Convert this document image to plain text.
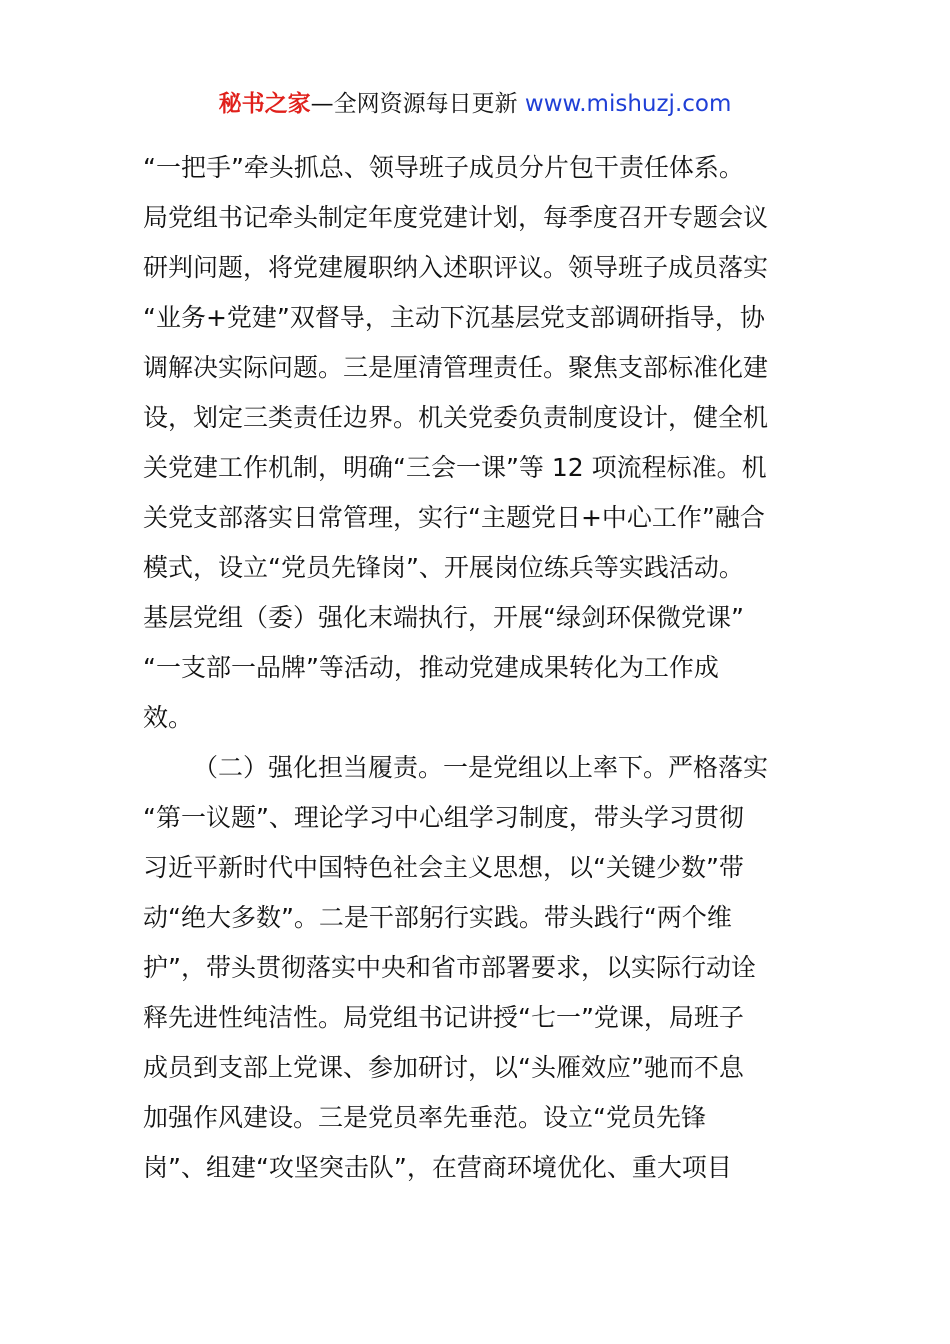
秘书之家—全网资源每日更新 www.mishuzj.com
“一把手”牵头抓总、领导班子成员分片包干责任体系。
局党组书记牵头制定年度党建计划，每季度召开专题会议
研判问题，将党建履职纳入述职评议。领导班子成员落实
“业务+党建”双督导，主动下沉基层党支部调研指导，协
调解决实际问题。三是厘清管理责任。聚焦支部标准化建
设，划定三类责任边界。机关党委负责制度设计，健全机
关党建工作机制，明确“三会一课”等 12 项流程标准。机
关党支部落实日常管理，实行“主题党日+中心工作”融合
模式，设立“党员先锋岗”、开展岗位练兵等实践活动。
基层党组（委）强化末端执行，开展“绿剑环保微党课”
“一支部一品牌”等活动，推动党建成果转化为工作成
效。
（二）强化担当履责。一是党组以上率下。严格落实
“第一议题”、理论学习中心组学习制度，带头学习贯彻
习近平新时代中国特色社会主义思想，以“关键少数”带
动“绝大多数”。二是干部躬行实践。带头践行“两个维
护”，带头贯彻落实中央和省市部署要求，以实际行动诠
释先进性纯洁性。局党组书记讲授“七一”党课，局班子
成员到支部上党课、参加研讨，以“头雁效应”驰而不息
加强作风建设。三是党员率先垂范。设立“党员先锋
岗”、组建“攻坚突击队”，在营商环境优化、重大项目
